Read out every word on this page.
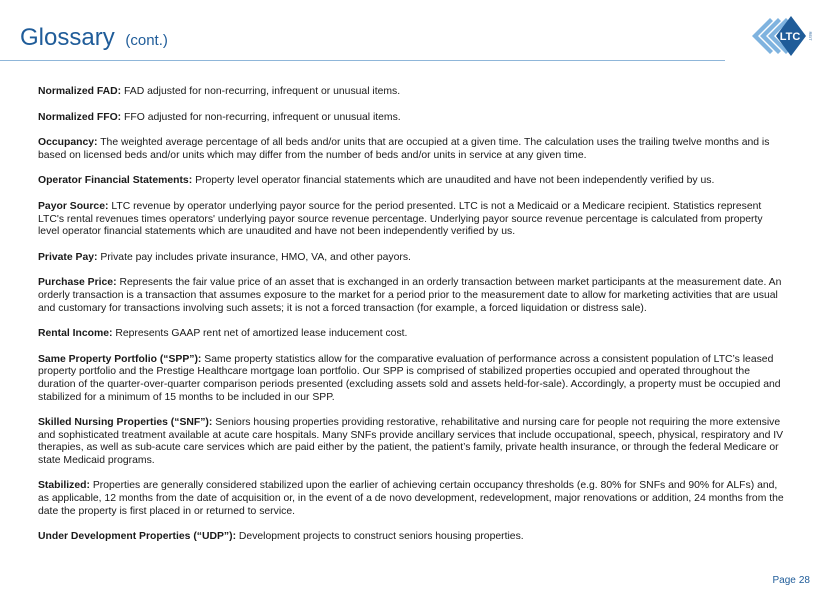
Glossary (cont.)	LTC REIT

Normalized FAD: FAD adjusted for non-recurring, infrequent or unusual items.

Normalized FFO: FFO adjusted for non-recurring, infrequent or unusual items.

Occupancy: The weighted average percentage of all beds and/or units that are occupied at a given time. The calculation uses the trailing twelve months and is based on licensed beds and/or units which may differ from the number of beds and/or units in service at any given time.

Operator Financial Statements: Property level operator financial statements which are unaudited and have not been independently verified by us.

Payor Source: LTC revenue by operator underlying payor source for the period presented. LTC is not a Medicaid or a Medicare recipient. Statistics represent LTC's rental revenues times operators' underlying payor source revenue percentage. Underlying payor source revenue percentage is calculated from property level operator financial statements which are unaudited and have not been independently verified by us.

Private Pay: Private pay includes private insurance, HMO, VA, and other payors.

Purchase Price: Represents the fair value price of an asset that is exchanged in an orderly transaction between market participants at the measurement date. An orderly transaction is a transaction that assumes exposure to the market for a period prior to the measurement date to allow for marketing activities that are usual and customary for transactions involving such assets; it is not a forced transaction (for example, a forced liquidation or distress sale).

Rental Income: Represents GAAP rent net of amortized lease inducement cost.

Same Property Portfolio (“SPP”): Same property statistics allow for the comparative evaluation of performance across a consistent population of LTC’s leased property portfolio and the Prestige Healthcare mortgage loan portfolio. Our SPP is comprised of stabilized properties occupied and operated throughout the duration of the quarter-over-quarter comparison periods presented (excluding assets sold and assets held-for-sale). Accordingly, a property must be occupied and stabilized for a minimum of 15 months to be included in our SPP.

Skilled Nursing Properties (“SNF”): Seniors housing properties providing restorative, rehabilitative and nursing care for people not requiring the more extensive and sophisticated treatment available at acute care hospitals. Many SNFs provide ancillary services that include occupational, speech, physical, respiratory and IV therapies, as well as sub-acute care services which are paid either by the patient, the patient’s family, private health insurance, or through the federal Medicare or state Medicaid programs.

Stabilized: Properties are generally considered stabilized upon the earlier of achieving certain occupancy thresholds (e.g. 80% for SNFs and 90% for ALFs) and, as applicable, 12 months from the date of acquisition or, in the event of a de novo development, redevelopment, major renovations or addition, 24 months from the date the property is first placed in or returned to service.

Under Development Properties (“UDP”): Development projects to construct seniors housing properties.

Page 28
